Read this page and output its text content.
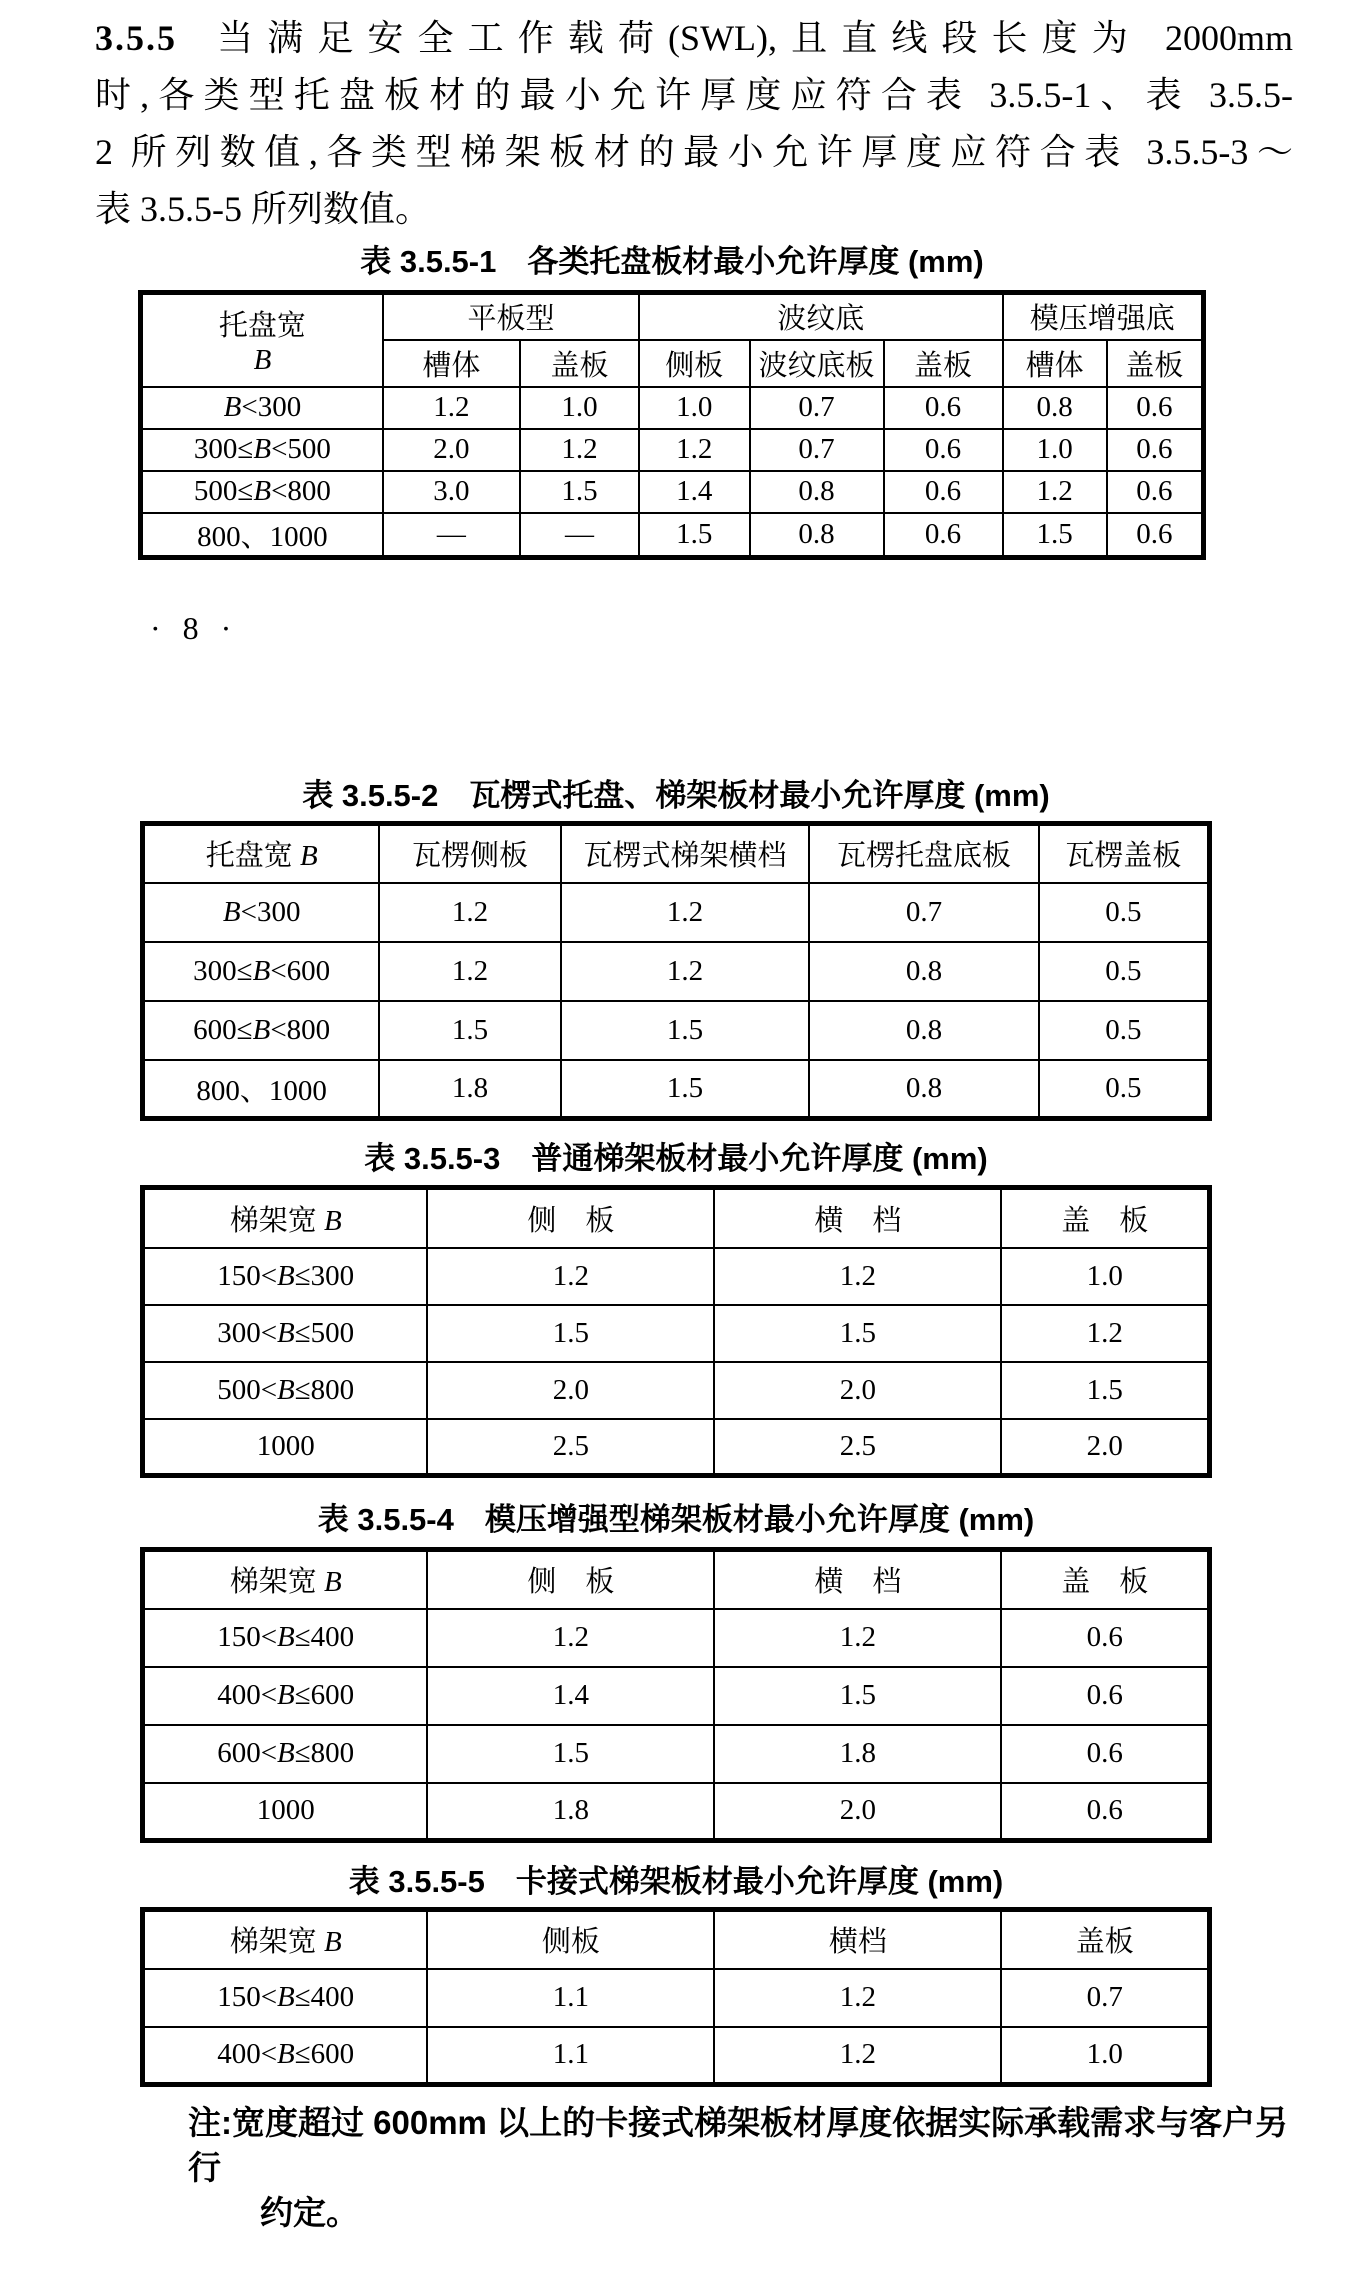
3.5.5 当满足安全工作载荷(SWL),且直线段长度为 2000mm
时,各类型托盘板材的最小允许厚度应符合表 3.5.5-1、表 3.5.5-
2 所列数值,各类型梯架板材的最小允许厚度应符合表 3.5.5-3～
表 3.5.5-5 所列数值。
表 3.5.5-1　各类托盘板材最小允许厚度 (mm)
托盘宽
B	平板型		波纹底			模压增强底	
	槽体	盖板	侧板	波纹底板	盖板	槽体	盖板
B<300	1.2	1.0	1.0	0.7	0.6	0.8	0.6
300≤B<500	2.0	1.2	1.2	0.7	0.6	1.0	0.6
500≤B<800	3.0	1.5	1.4	0.8	0.6	1.2	0.6
800、1000	—	—	1.5	0.8	0.6	1.5	0.6
· 8 ·
表 3.5.5-2　瓦楞式托盘、梯架板材最小允许厚度 (mm)
托盘宽 B	瓦楞侧板	瓦楞式梯架横档	瓦楞托盘底板	瓦楞盖板
B<300	1.2	1.2	0.7	0.5
300≤B<600	1.2	1.2	0.8	0.5
600≤B<800	1.5	1.5	0.8	0.5
800、1000	1.8	1.5	0.8	0.5
表 3.5.5-3　普通梯架板材最小允许厚度 (mm)
梯架宽 B	侧　板	横　档	盖　板
150<B≤300	1.2	1.2	1.0
300<B≤500	1.5	1.5	1.2
500<B≤800	2.0	2.0	1.5
1000	2.5	2.5	2.0
表 3.5.5-4　模压增强型梯架板材最小允许厚度 (mm)
梯架宽 B	侧　板	横　档	盖　板
150<B≤400	1.2	1.2	0.6
400<B≤600	1.4	1.5	0.6
600<B≤800	1.5	1.8	0.6
1000	1.8	2.0	0.6
表 3.5.5-5　卡接式梯架板材最小允许厚度 (mm)
梯架宽 B	侧板	横档	盖板
150<B≤400	1.1	1.2	0.7
400<B≤600	1.1	1.2	1.0
注:宽度超过 600mm 以上的卡接式梯架板材厚度依据实际承载需求与客户另行
约定。
